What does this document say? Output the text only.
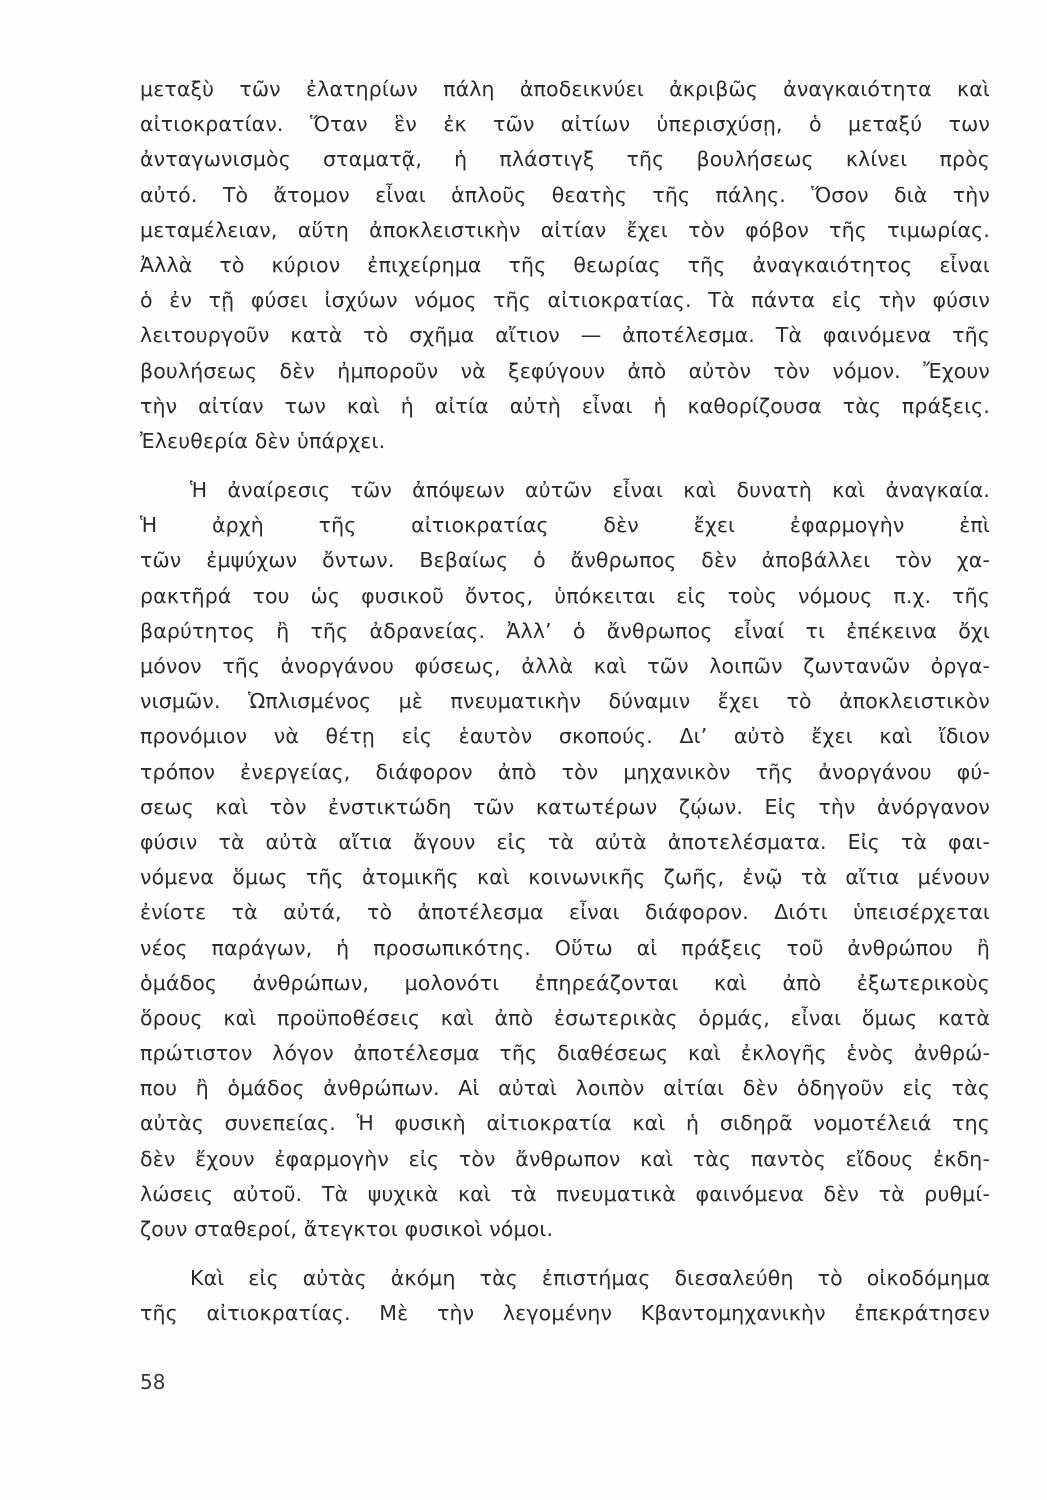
μεταξὺ τῶν ἐλατηρίων πάλη ἀποδεικνύει ἀκριβῶς ἀναγκαιότητα καὶ
αἰτιοκρατίαν. Ὅταν ἓν ἐκ τῶν αἰτίων ὑπερισχύσῃ, ὁ μεταξύ των
ἀνταγωνισμὸς σταματᾷ, ἡ πλάστιγξ τῆς βουλήσεως κλίνει πρὸς
αὐτό. Τὸ ἄτομον εἶναι ἁπλοῦς θεατὴς τῆς πάλης. Ὅσον διὰ τὴν
μεταμέλειαν, αὕτη ἀποκλειστικὴν αἰτίαν ἔχει τὸν φόβον τῆς τιμωρίας.
Ἀλλὰ τὸ κύριον ἐπιχείρημα τῆς θεωρίας τῆς ἀναγκαιότητος εἶναι
ὁ ἐν τῇ φύσει ἰσχύων νόμος τῆς αἰτιοκρατίας. Τὰ πάντα εἰς τὴν φύσιν
λειτουργοῦν κατὰ τὸ σχῆμα αἴτιον — ἀποτέλεσμα. Τὰ φαινόμενα τῆς
βουλήσεως δὲν ἠμποροῦν νὰ ξεφύγουν ἀπὸ αὐτὸν τὸν νόμον. Ἔχουν
τὴν αἰτίαν των καὶ ἡ αἰτία αὐτὴ εἶναι ἡ καθορίζουσα τὰς πράξεις.
Ἐλευθερία δὲν ὑπάρχει.
Ἡ ἀναίρεσις τῶν ἀπόψεων αὐτῶν εἶναι καὶ δυνατὴ καὶ ἀναγκαία.
Ἡ ἀρχὴ τῆς αἰτιοκρατίας δὲν ἔχει ἐφαρμογὴν ἐπὶ
τῶν ἐμψύχων ὄντων. Βεβαίως ὁ ἄνθρωπος δὲν ἀποβάλλει τὸν χα-
ρακτῆρά του ὡς φυσικοῦ ὄντος, ὑπόκειται εἰς τοὺς νόμους π.χ. τῆς
βαρύτητος ἢ τῆς ἀδρανείας. Ἀλλ’ ὁ ἄνθρωπος εἶναί τι ἐπέκεινα ὄχι
μόνον τῆς ἀνοργάνου φύσεως, ἀλλὰ καὶ τῶν λοιπῶν ζωντανῶν ὀργα-
νισμῶν. Ὡπλισμένος μὲ πνευματικὴν δύναμιν ἔχει τὸ ἀποκλειστικὸν
προνόμιον νὰ θέτῃ εἰς ἑαυτὸν σκοπούς. Δι’ αὐτὸ ἔχει καὶ ἴδιον
τρόπον ἐνεργείας, διάφορον ἀπὸ τὸν μηχανικὸν τῆς ἀνοργάνου φύ-
σεως καὶ τὸν ἐνστικτώδη τῶν κατωτέρων ζῴων. Εἰς τὴν ἀνόργανον
φύσιν τὰ αὐτὰ αἴτια ἄγουν εἰς τὰ αὐτὰ ἀποτελέσματα. Εἰς τὰ φαι-
νόμενα ὅμως τῆς ἀτομικῆς καὶ κοινωνικῆς ζωῆς, ἐνῷ τὰ αἴτια μένουν
ἐνίοτε τὰ αὐτά, τὸ ἀποτέλεσμα εἶναι διάφορον. Διότι ὑπεισέρχεται
νέος παράγων, ἡ προσωπικότης. Οὕτω αἱ πράξεις τοῦ ἀνθρώπου ἢ
ὁμάδος ἀνθρώπων, μολονότι ἐπηρεάζονται καὶ ἀπὸ ἐξωτερικοὺς
ὅρους καὶ προϋποθέσεις καὶ ἀπὸ ἐσωτερικὰς ὁρμάς, εἶναι ὅμως κατὰ
πρώτιστον λόγον ἀποτέλεσμα τῆς διαθέσεως καὶ ἐκλογῆς ἑνὸς ἀνθρώ-
που ἢ ὁμάδος ἀνθρώπων. Αἱ αὐταὶ λοιπὸν αἰτίαι δὲν ὁδηγοῦν εἰς τὰς
αὐτὰς συνεπείας. Ἡ φυσικὴ αἰτιοκρατία καὶ ἡ σιδηρᾶ νομοτέλειά της
δὲν ἔχουν ἐφαρμογὴν εἰς τὸν ἄνθρωπον καὶ τὰς παντὸς εἴδους ἐκδη-
λώσεις αὐτοῦ. Τὰ ψυχικὰ καὶ τὰ πνευματικὰ φαινόμενα δὲν τὰ ρυθμί-
ζουν σταθεροί, ἄτεγκτοι φυσικοὶ νόμοι.
Καὶ εἰς αὐτὰς ἀκόμη τὰς ἐπιστήμας διεσαλεύθη τὸ οἰκοδόμημα
τῆς αἰτιοκρατίας. Μὲ τὴν λεγομένην Κβαντομηχανικὴν ἐπεκράτησεν
58
